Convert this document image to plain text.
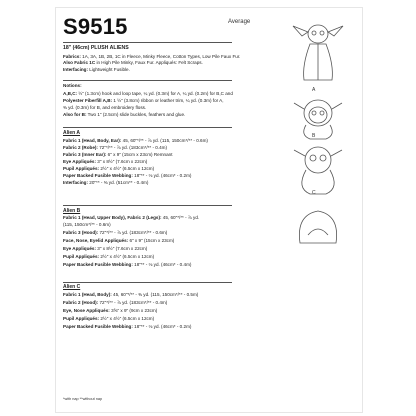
S9515	Average
18" (46cm) PLUSH ALIENS
Fabrics: 1A, 3A, 1B, 2B, 1C in Fleece, Minky Fleece, Cotton Types, Low Pile Faux Fur.
Also Fabric 1C in High Pile Minky, Faux Fur. Appliqués: Felt Scraps.
Interfacing: Lightweight Fusible.
Notions:
A,B,C: ½" (1.3cm) hook and loop tape, ¼ yd. (0.3m) for A, ¼ yd. (0.2m) for B,C and
Polyester Fiberfill A,B: 1 ½" (3.8cm) ribbon or leather trim, ¼ yd. (0.3m) for A,
⅜ yd. (0.3m) for B, and embroidery floss.
Also for B: Two 1" (2.5cm) slide buckles, feathers and glue.
Alien A
Fabric 1 (Head, Body, Ear): 45, 60"*/** - ⅞ yd. (115, 150cm*/** - 0.6m)
Fabric 2 (Robe): 72"*/** - ⅞ yd. (183cm*/** - 0.4m)
Fabric 3 (Inner Ear): 6" x 9" (15cm x 23cm) Remnant
Eye Appliqués: 3" x 8½" (7.6cm x 22cm)
Pupil Appliqués: 2½" x 4½" (6.5cm x 12cm)
Paper Backed Fusible Webbing: 18"** - ⅛ yd. (46cm* - 0.2m)
Interfacing: 20"** - ⅜ yd. (51cm** - 0.4m)
Alien B
Fabric 1 (Head, Upper Body), Fabric 2 (Legs): 45, 60"*/** - ⅞ yd.
(115, 150cm*/** - 0.6m)
Fabric 3 (Hood): 72"*/** - ⅞ yd. (183cm*/** - 0.6m)
Face, Nose, Eyelid Appliqués: 6" x 9" (15cm x 23cm)
Eye Appliqués: 3" x 8½" (7.6cm x 22cm)
Pupil Appliqués: 2½" x 4½" (6.5cm x 12cm)
Paper Backed Fusible Webbing: 18"** - ⅛ yd. (46cm* - 0.4m)
Alien C
Fabric 1 (Head, Body): 45, 60"*/** - ⅜ yd. (115, 150cm*/** - 0.5m)
Fabric 2 (Hood): 72"*/** - ⅞ yd. (183cm*/** - 0.4m)
Eye, Nose Appliqués: 3⅝" x 9" (9cm x 23cm)
Pupil Appliqués: 2½" x 4½" (6.5cm x 12cm)
Paper Backed Fusible Webbing: 18"** - ⅛ yd. (46cm* - 0.2m)
*with nap **without nap
A
B
C
